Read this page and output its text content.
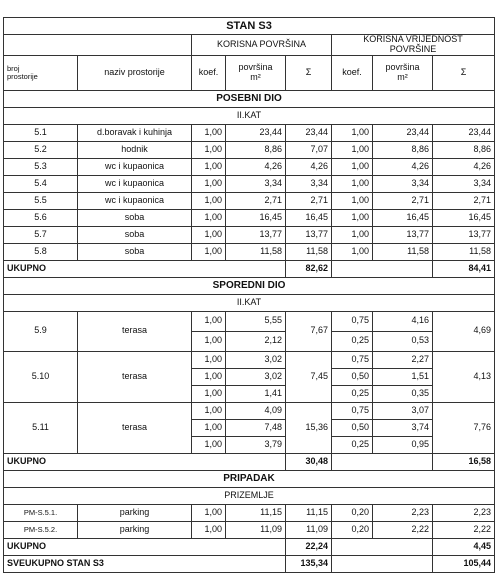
STAN S3							
		KORISNA POVRŠINA			KORISNA VRIJEDNOST
POVRŠINE		
broj
prostorije	naziv prostorije	koef.	površina
m²	Σ	koef.	površina
m²	Σ
POSEBNI DIO							
II.KAT							
5.1	d.boravak i kuhinja	1,00	23,44	23,44	1,00	23,44	23,44
5.2	hodnik	1,00	8,86	7,07	1,00	8,86	8,86
5.3	wc i kupaonica	1,00	4,26	4,26	1,00	4,26	4,26
5.4	wc i kupaonica	1,00	3,34	3,34	1,00	3,34	3,34
5.5	wc i kupaonica	1,00	2,71	2,71	1,00	2,71	2,71
5.6	soba	1,00	16,45	16,45	1,00	16,45	16,45
5.7	soba	1,00	13,77	13,77	1,00	13,77	13,77
5.8	soba	1,00	11,58	11,58	1,00	11,58	11,58
UKUPNO				82,62			84,41
SPOREDNI DIO							
II.KAT							
5.9	terasa	1,00	5,55	7,67	0,75	4,16	4,69
		1,00	2,12		0,25	0,53	
5.10	terasa	1,00	3,02	7,45	0,75	2,27	4,13
		1,00	3,02		0,50	1,51	
		1,00	1,41		0,25	0,35	
5.11	terasa	1,00	4,09	15,36	0,75	3,07	7,76
		1,00	7,48		0,50	3,74	
		1,00	3,79		0,25	0,95	
UKUPNO				30,48			16,58
PRIPADAK							
PRIZEMLJE							
PM-S.5.1.	parking	1,00	11,15	11,15	0,20	2,23	2,23
PM-S.5.2.	parking	1,00	11,09	11,09	0,20	2,22	2,22
UKUPNO				22,24			4,45
SVEUKUPNO STAN S3				135,34			105,44
